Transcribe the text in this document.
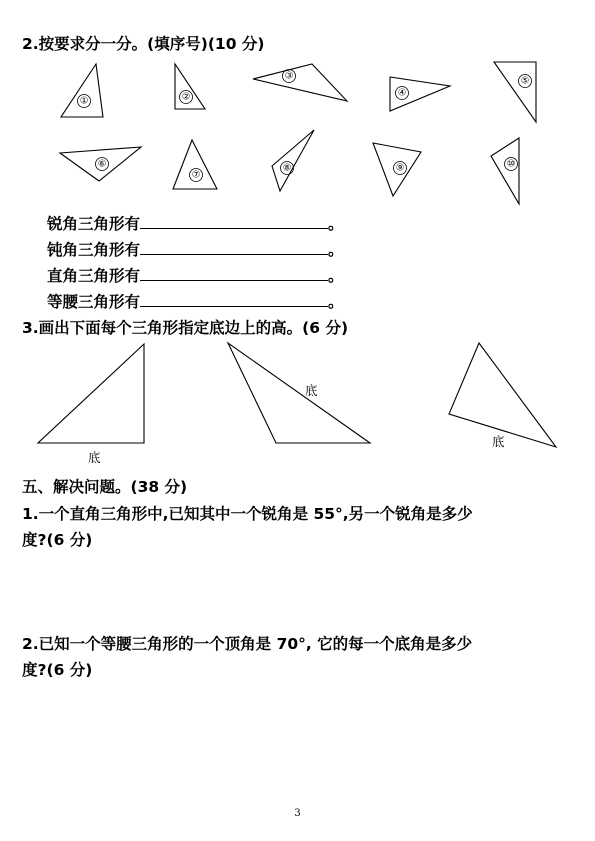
2.按要求分一分。(填序号)(10 分)
①	②
③
④
⑤
⑥
⑦
⑧	⑨	⑩
底
底
底
锐角三角形有	。
钝角三角形有	。
直角三角形有	。
等腰三角形有	。
3.画出下面每个三角形指定底边上的高。(6 分)
五、解决问题。(38 分)
1.一个直角三角形中,已知其中一个锐角是 55°,另一个锐角是多少
度?(6 分)
2.已知一个等腰三角形的一个顶角是 70°, 它的每一个底角是多少
度?(6 分)
3
